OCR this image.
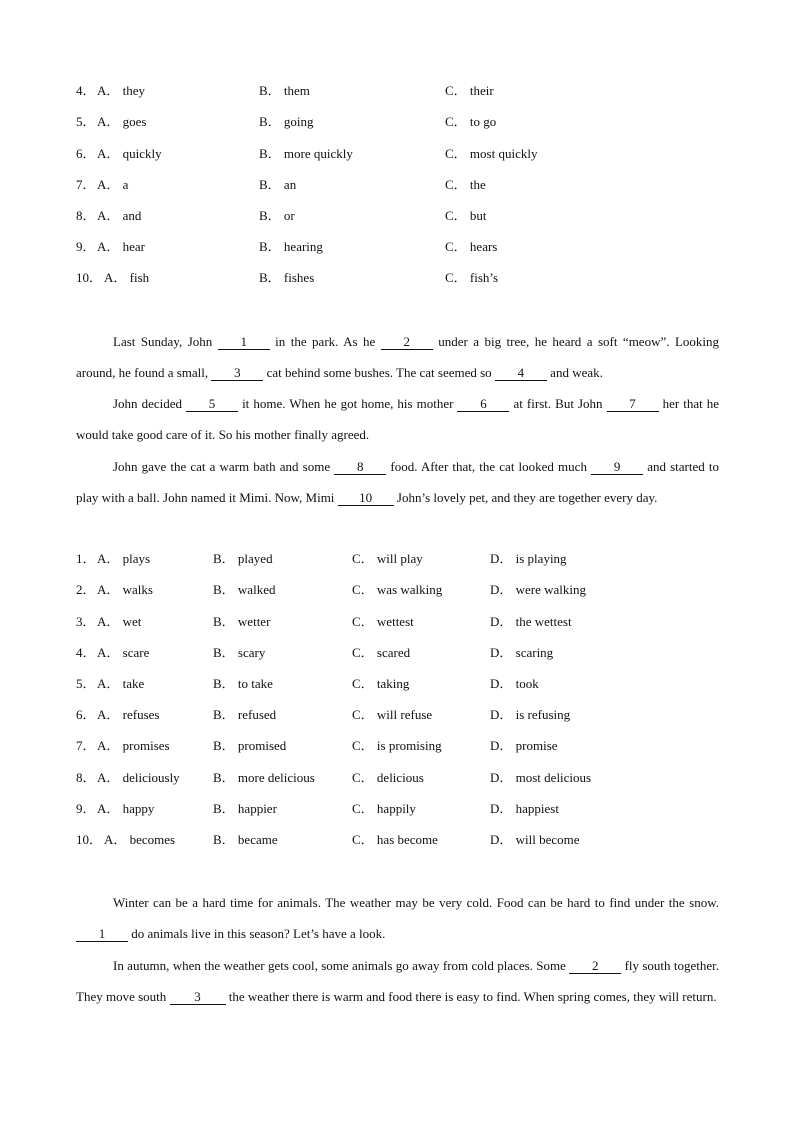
4． A． they	B． them	C． their
5． A． goes	B． going	C． to go
6． A． quickly	B． more quickly	C． most quickly
7． A． a	B． an	C． the
8． A． and	B． or	C． but
9． A． hear	B． hearing	C． hears
10． A． fish	B． fishes	C． fish’s
Last Sunday, John 1 in the park. As he 2 under a big tree, he heard a soft “meow”. Looking around, he found a small, 3 cat behind some bushes. The cat seemed so 4 and weak.
John decided 5 it home. When he got home, his mother 6 at first. But John 7 her that he would take good care of it. So his mother finally agreed.
John gave the cat a warm bath and some 8 food. After that, the cat looked much 9 and started to play with a ball. John named it Mimi. Now, Mimi 10 John’s lovely pet, and they are together every day.
1． A． plays	B． played	C． will play	D． is playing
2． A． walks	B． walked	C． was walking	D． were walking
3． A． wet	B． wetter	C． wettest	D． the wettest
4． A． scare	B． scary	C． scared	D． scaring
5． A． take	B． to take	C． taking	D． took
6． A． refuses	B． refused	C． will refuse	D． is refusing
7． A． promises	B． promised	C． is promising	D． promise
8． A． deliciously	B． more delicious	C． delicious	D． most delicious
9． A． happy	B． happier	C． happily	D． happiest
10． A． becomes	B． became	C． has become	D． will become
Winter can be a hard time for animals. The weather may be very cold. Food can be hard to find under the snow. 1 do animals live in this season? Let’s have a look.
In autumn, when the weather gets cool, some animals go away from cold places. Some 2 fly south together. They move south 3 the weather there is warm and food there is easy to find. When spring comes, they will return.
